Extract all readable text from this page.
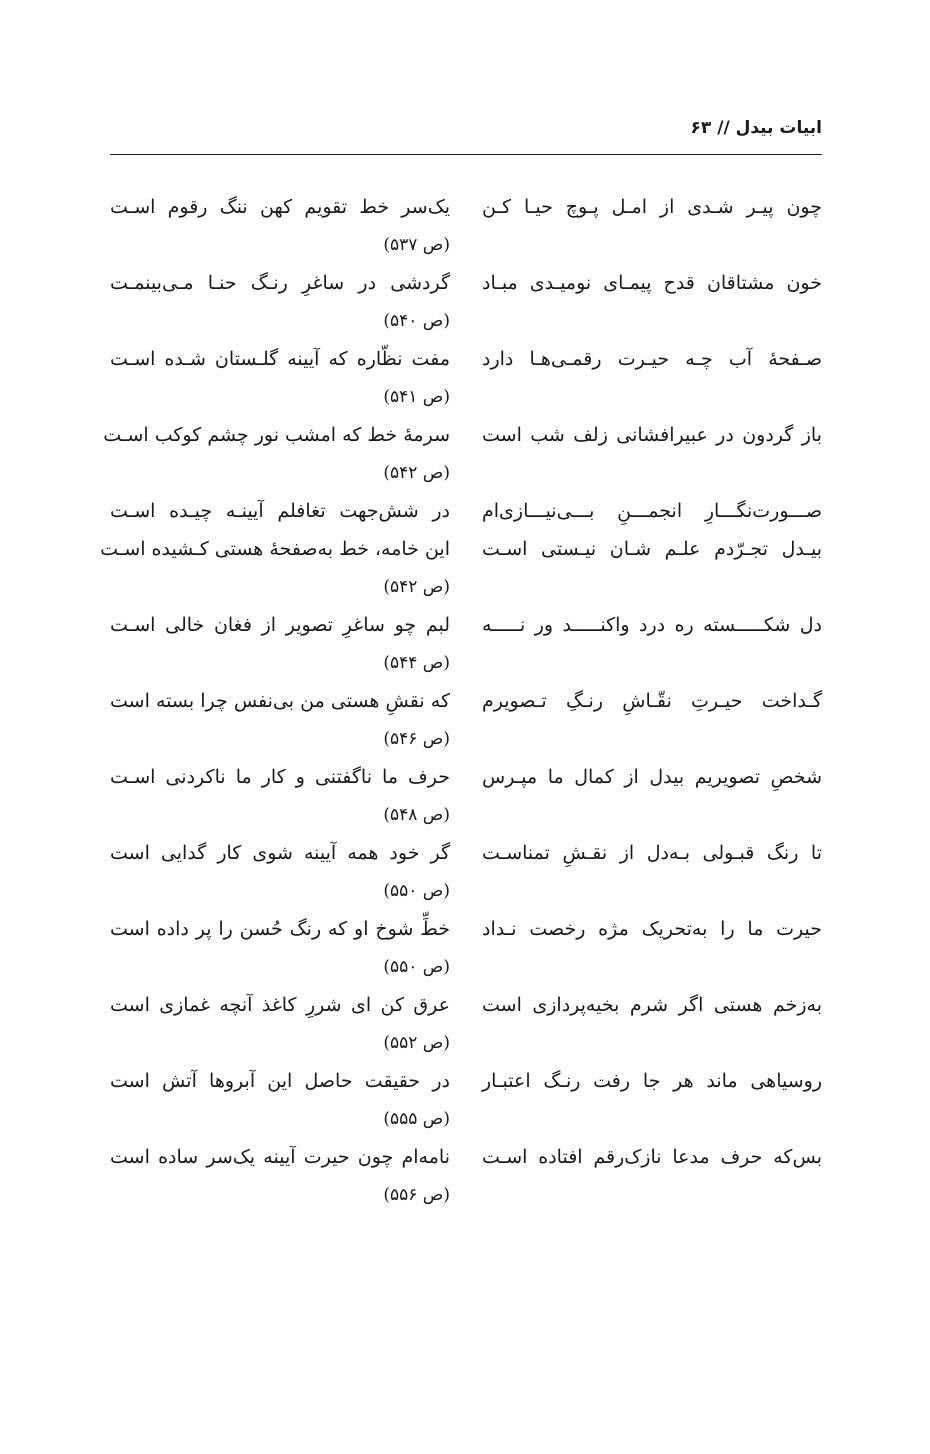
ابیات بیدل // ۶۳
چون پیـر شـدی از امـل پـوچ حیـا کـن
یک‌سر خط تقویم کهن ننگ رقوم اسـت
(ص ۵۳۷)
خون مشتاقان قدح پیمـای نومیـدی مبـاد
گردشی در ساغرِ رنـگ حنـا مـی‌بینمـت
(ص ۵۴۰)
صـفحهٔ آب چـه حیـرت رقمـی‌هـا دارد
مفت نظّاره که آیینه گلـستان شـده اسـت
(ص ۵۴۱)
باز گردون در عبیرافشانی زلف شب است
سرمهٔ خط که امشب نور چشم کوکب اسـت
(ص ۵۴۲)
صـــورت‌نگـــارِ انجمـــنِ بـــی‌نیـــازی‌ام
در شش‌جهت تغافلم آیینـه چیـده اسـت
بیـدل تجـرّدم علـم شـان نیـستی اسـت
این خامه، خط به‌صفحهٔ هستی کـشیده اسـت
(ص ۵۴۲)
دل شکـــــسته ره درد واکنـــــد ور نـــــه
لبم چو ساغرِ تصویر از فغان خالی اسـت
(ص ۵۴۴)
گـداخت حیـرتِ نقّـاشِ رنـگِ تـصویرم
که نقشِ هستی من بی‌نفس چرا بسته است
(ص ۵۴۶)
شخصِ تصویریم بیدل از کمال ما مپـرس
حرف ما ناگفتنی و کار ما ناکردنی اسـت
(ص ۵۴۸)
تا رنگ قبـولی بـه‌دل از نقـشِ تمناسـت
گر خود همه آیینه شوی کار گدایی است
(ص ۵۵۰)
حیرت ما را به‌تحریک مژه رخصت نـداد
خطِّ شوخ او که رنگ حُسن را پر داده است
(ص ۵۵۰)
به‌زخم هستی اگر شرم بخیه‌پردازی است
عرق کن ای شررِ کاغذ آنچه غمازی است
(ص ۵۵۲)
روسیاهی ماند هر جا رفت رنـگ اعتبـار
در حقیقت حاصل این آبروها آتش است
(ص ۵۵۵)
بس‌که حرف مدعا نازک‌رقم افتاده اسـت
نامه‌ام چون حیرت آیینه یک‌سر ساده است
(ص ۵۵۶)
